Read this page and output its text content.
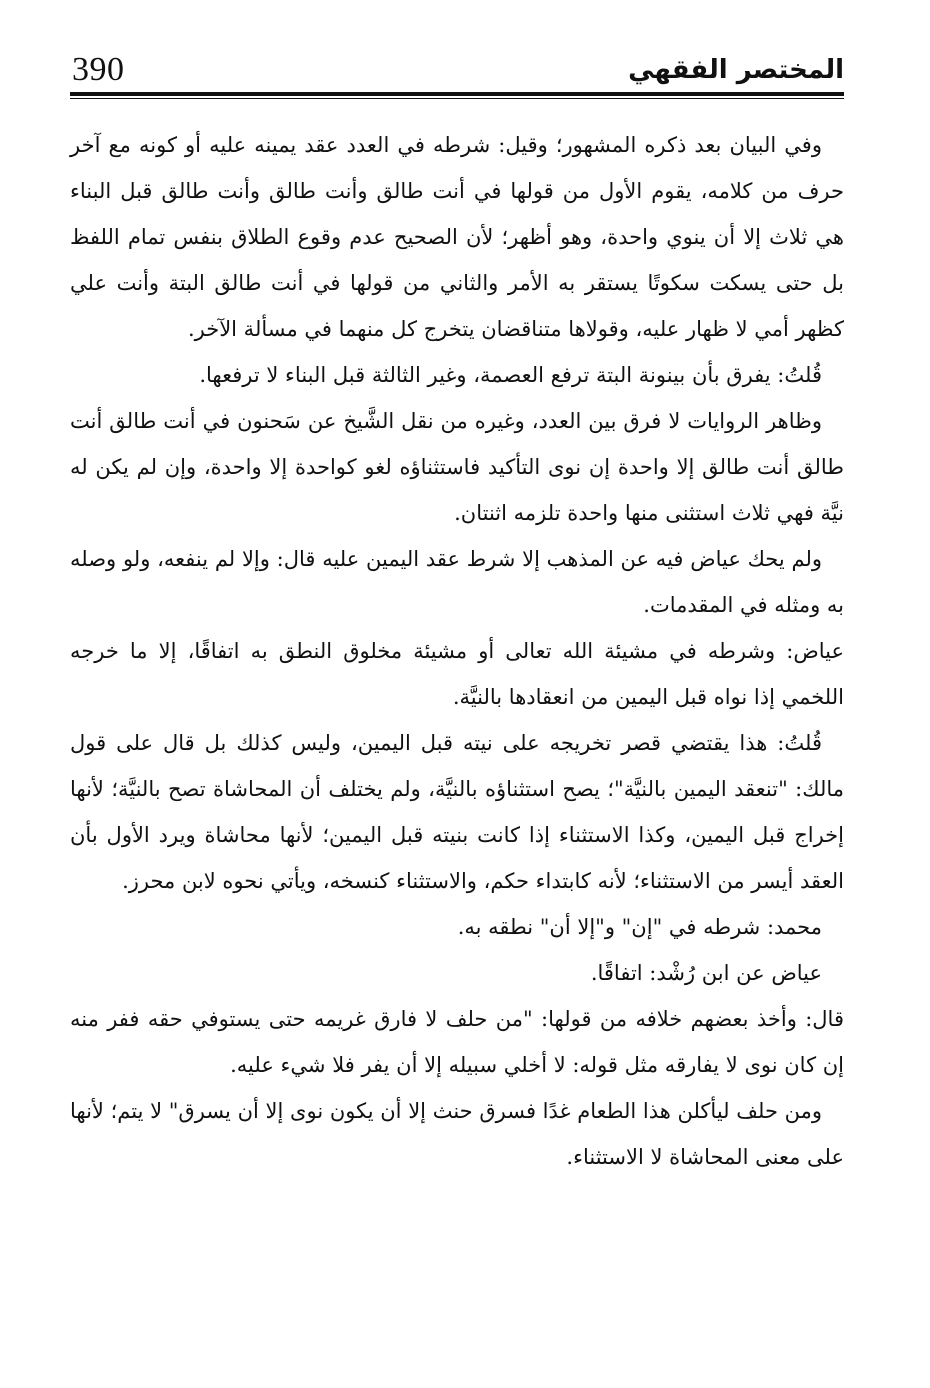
390	المختصر الفقهي

وفي البيان بعد ذكره المشهور؛ وقيل: شرطه في العدد عقد يمينه عليه أو كونه مع آخر حرف من كلامه، يقوم الأول من قولها في أنت طالق وأنت طالق وأنت طالق قبل البناء هي ثلاث إلا أن ينوي واحدة، وهو أظهر؛ لأن الصحيح عدم وقوع الطلاق بنفس تمام اللفظ بل حتى يسكت سكوتًا يستقر به الأمر والثاني من قولها في أنت طالق البتة وأنت علي كظهر أمي لا ظهار عليه، وقولاها متناقضان يتخرج كل منهما في مسألة الآخر.

قُلتُ: يفرق بأن بينونة البتة ترفع العصمة، وغير الثالثة قبل البناء لا ترفعها.

وظاهر الروايات لا فرق بين العدد، وغيره من نقل الشَّيخ عن سَحنون في أنت طالق أنت طالق أنت طالق إلا واحدة إن نوى التأكيد فاستثناؤه لغو كواحدة إلا واحدة، وإن لم يكن له نيَّة فهي ثلاث استثنى منها واحدة تلزمه اثنتان.

ولم يحك عياض فيه عن المذهب إلا شرط عقد اليمين عليه قال: وإلا لم ينفعه، ولو وصله به ومثله في المقدمات.

عياض: وشرطه في مشيئة الله تعالى أو مشيئة مخلوق النطق به اتفاقًا، إلا ما خرجه اللخمي إذا نواه قبل اليمين من انعقادها بالنيَّة.

قُلتُ: هذا يقتضي قصر تخريجه على نيته قبل اليمين، وليس كذلك بل قال على قول مالك: "تنعقد اليمين بالنيَّة"؛ يصح استثناؤه بالنيَّة، ولم يختلف أن المحاشاة تصح بالنيَّة؛ لأنها إخراج قبل اليمين، وكذا الاستثناء إذا كانت بنيته قبل اليمين؛ لأنها محاشاة ويرد الأول بأن العقد أيسر من الاستثناء؛ لأنه كابتداء حكم، والاستثناء كنسخه، ويأتي نحوه لابن محرز.

محمد: شرطه في "إن" و"إلا أن" نطقه به.

عياض عن ابن رُشْد: اتفاقًا.

قال: وأخذ بعضهم خلافه من قولها: "من حلف لا فارق غريمه حتى يستوفي حقه ففر منه إن كان نوى لا يفارقه مثل قوله: لا أخلي سبيله إلا أن يفر فلا شيء عليه.

ومن حلف ليأكلن هذا الطعام غدًا فسرق حنث إلا أن يكون نوى إلا أن يسرق" لا يتم؛ لأنها على معنى المحاشاة لا الاستثناء.
